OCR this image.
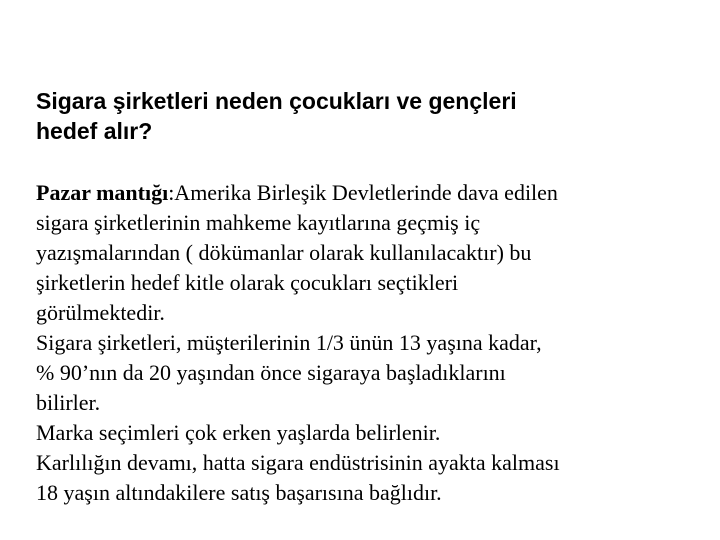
Sigara şirketleri neden çocukları ve gençleri
hedef alır?
Pazar mantığı:Amerika Birleşik Devletlerinde dava edilen
sigara şirketlerinin mahkeme kayıtlarına geçmiş iç
yazışmalarından ( dökümanlar olarak kullanılacaktır) bu
şirketlerin hedef kitle olarak çocukları seçtikleri
görülmektedir.
Sigara şirketleri, müşterilerinin 1/3 ünün 13 yaşına kadar,
% 90’nın da 20 yaşından önce sigaraya başladıklarını
bilirler.
Marka seçimleri çok erken yaşlarda belirlenir.
Karlılığın devamı, hatta sigara endüstrisinin ayakta kalması
18 yaşın altındakilere satış başarısına bağlıdır.
